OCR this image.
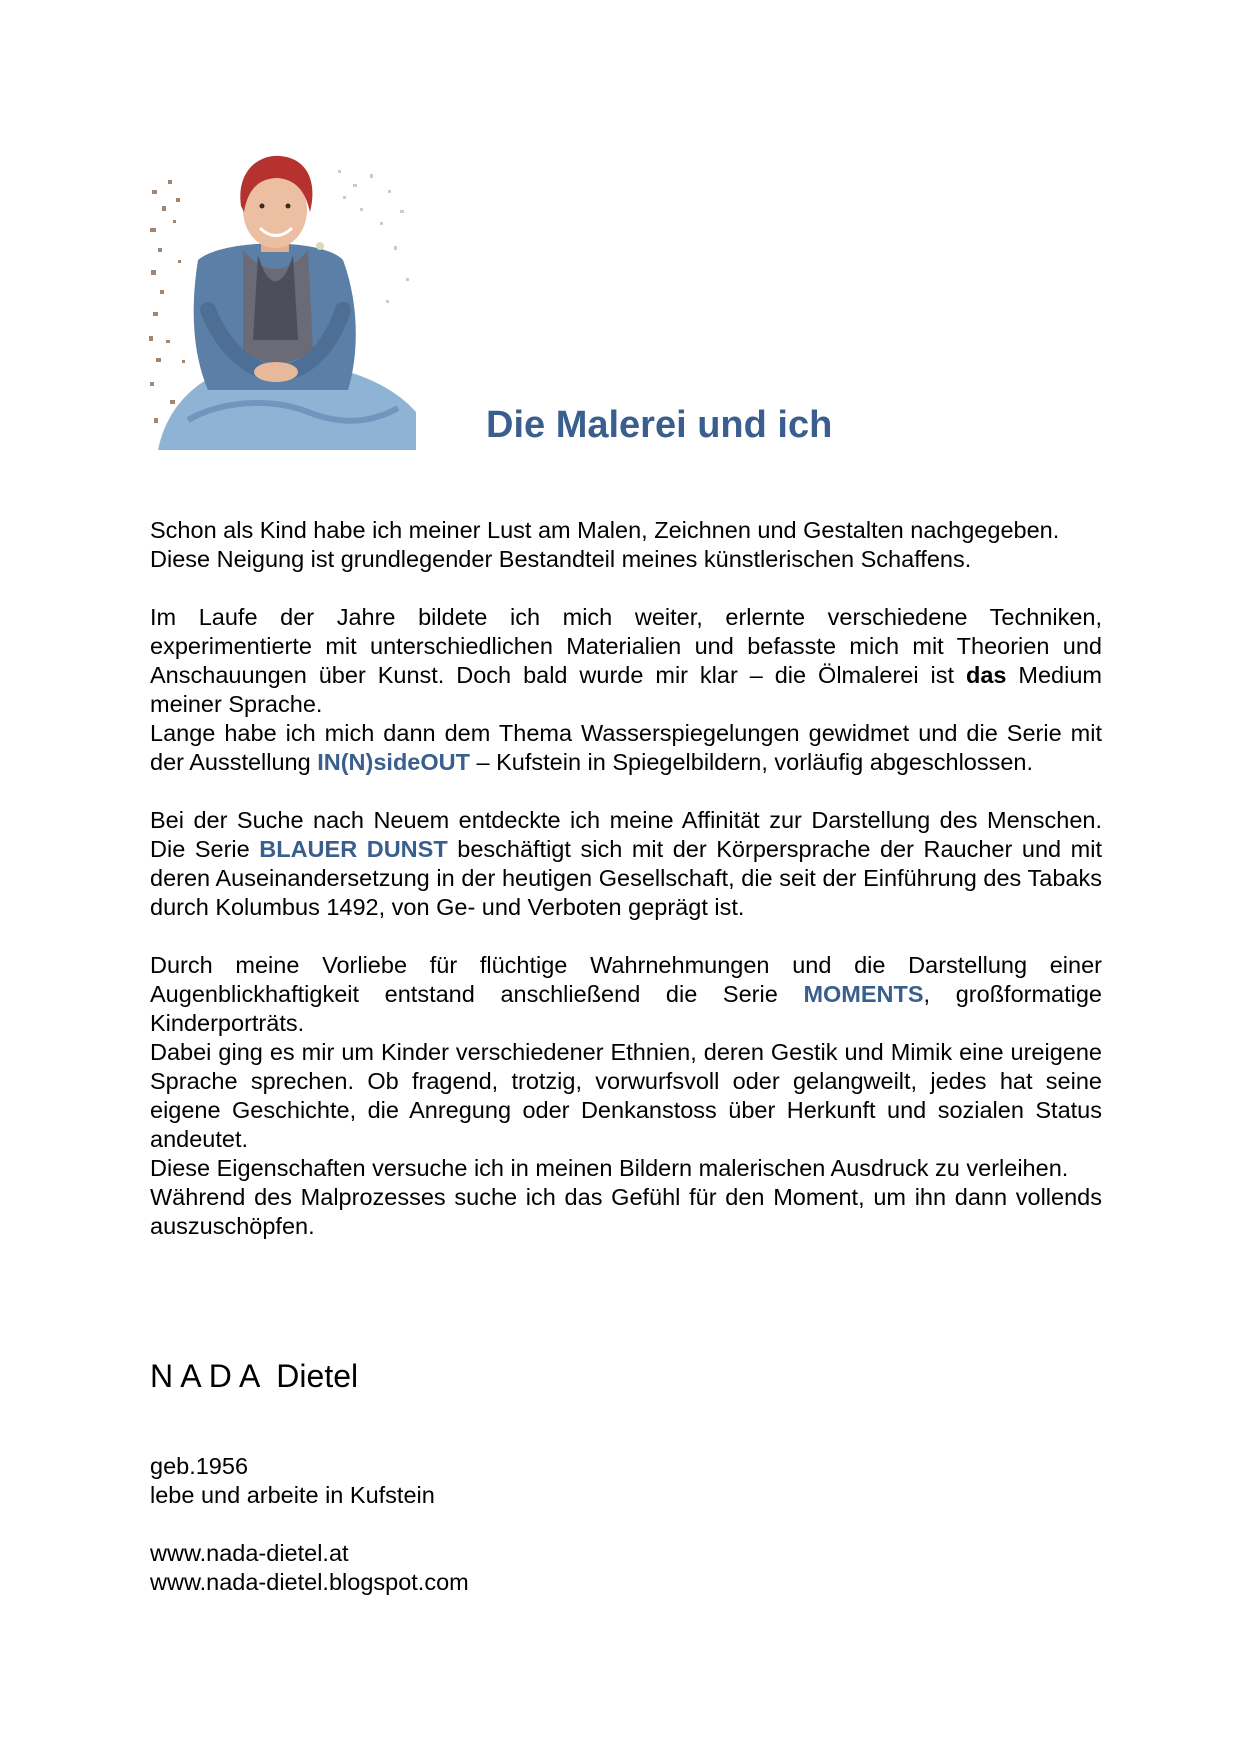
Die Malerei und ich

Schon als Kind habe ich meiner Lust am Malen, Zeichnen und Gestalten nachgegeben.

Diese Neigung ist grundlegender Bestandteil meines künstlerischen Schaffens.

Im Laufe der Jahre bildete ich mich weiter, erlernte verschiedene Techniken, experimentierte mit unterschiedlichen Materialien und befasste mich mit Theorien und Anschauungen über Kunst. Doch bald wurde mir klar – die Ölmalerei ist das Medium meiner Sprache.

Lange habe ich mich dann dem Thema Wasserspiegelungen gewidmet und die Serie mit der Ausstellung IN(N)sideOUT – Kufstein in Spiegelbildern, vorläufig abgeschlossen.

Bei der Suche nach Neuem entdeckte ich meine Affinität zur Darstellung des Menschen. Die Serie BLAUER DUNST beschäftigt sich mit der Körpersprache der Raucher und mit deren Auseinandersetzung in der heutigen Gesellschaft, die seit der Einführung des Tabaks durch Kolumbus 1492, von Ge- und Verboten geprägt ist.

Durch meine Vorliebe für flüchtige Wahrnehmungen und die Darstellung einer Augenblickhaftigkeit entstand anschließend die Serie MOMENTS, großformatige Kinderporträts.

Dabei ging es mir um Kinder verschiedener Ethnien, deren Gestik und Mimik eine ureigene Sprache sprechen. Ob fragend, trotzig, vorwurfsvoll oder gelangweilt, jedes hat seine eigene Geschichte, die Anregung oder Denkanstoss über Herkunft und sozialen Status andeutet.

Diese Eigenschaften versuche ich in meinen Bildern malerischen Ausdruck zu verleihen.

Während des Malprozesses suche ich das Gefühl für den Moment, um ihn dann vollends auszuschöpfen.

N A D A  Dietel

geb.1956

lebe und arbeite in Kufstein

www.nada-dietel.at

www.nada-dietel.blogspot.com
